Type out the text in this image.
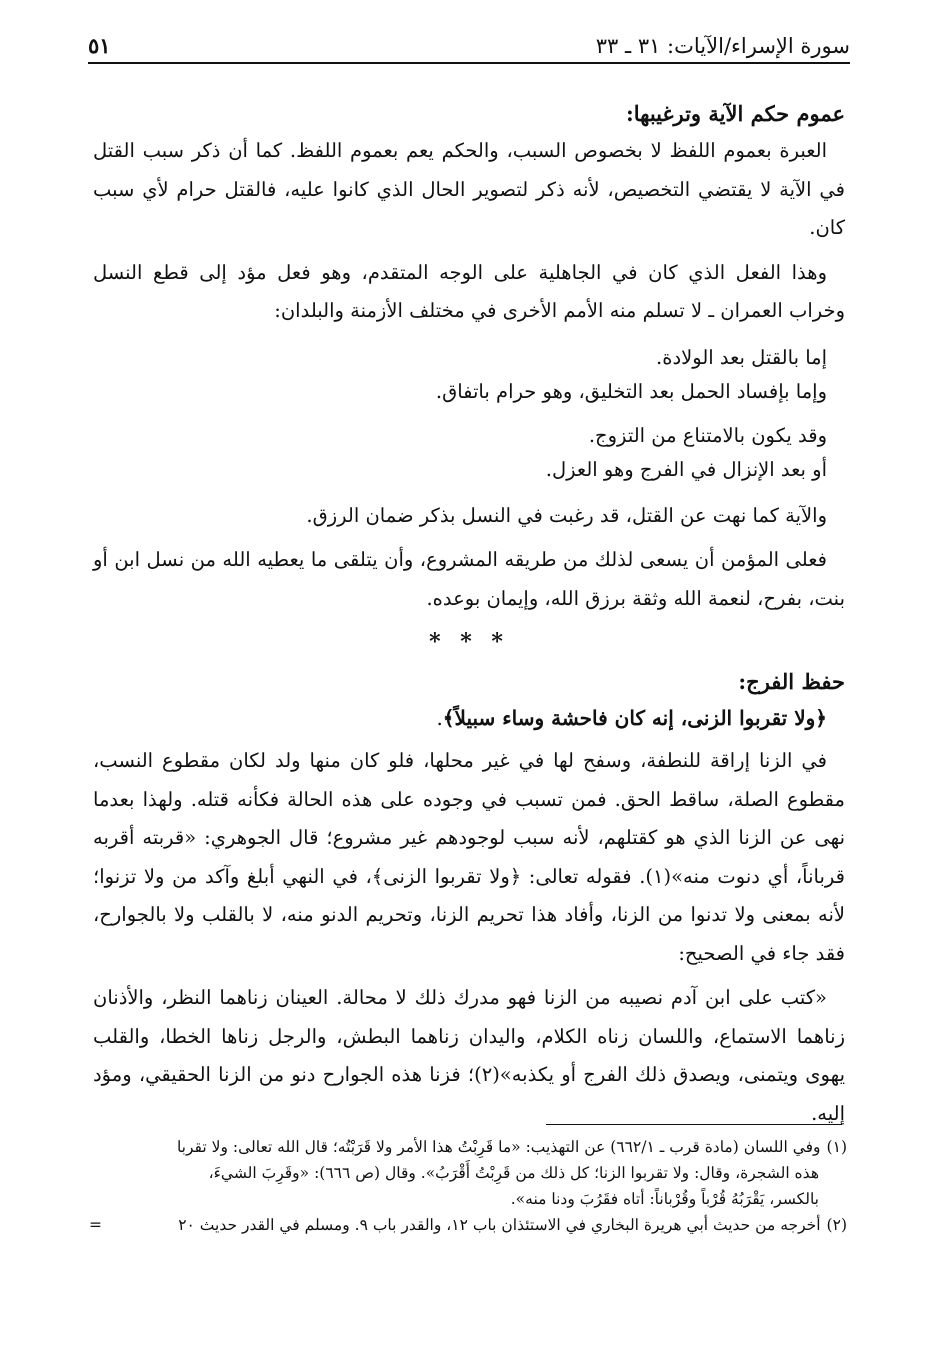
سورة الإسراء/الآيات: ٣١ ـ ٣٣
٥١

عموم حكم الآية وترغيبها:

العبرة بعموم اللفظ لا بخصوص السبب، والحكم يعم بعموم اللفظ. كما أن ذكر سبب القتل في الآية لا يقتضي التخصيص، لأنه ذكر لتصوير الحال الذي كانوا عليه، فالقتل حرام لأي سبب كان.

وهذا الفعل الذي كان في الجاهلية على الوجه المتقدم، وهو فعل مؤد إلى قطع النسل وخراب العمران ـ لا تسلم منه الأمم الأخرى في مختلف الأزمنة والبلدان:

إما بالقتل بعد الولادة.

وإما بإفساد الحمل بعد التخليق، وهو حرام باتفاق.

وقد يكون بالامتناع من التزوج.

أو بعد الإنزال في الفرج وهو العزل.

والآية كما نهت عن القتل، قد رغبت في النسل بذكر ضمان الرزق.

فعلى المؤمن أن يسعى لذلك من طريقه المشروع، وأن يتلقى ما يعطيه الله من نسل ابن أو بنت، بفرح، لنعمة الله وثقة برزق الله، وإيمان بوعده.

* * *

حفظ الفرج:

﴿ولا تقربوا الزنى، إنه كان فاحشة وساء سبيلاً﴾.

في الزنا إراقة للنطفة، وسفح لها في غير محلها، فلو كان منها ولد لكان مقطوع النسب، مقطوع الصلة، ساقط الحق. فمن تسبب في وجوده على هذه الحالة فكأنه قتله. ولهذا بعدما نهى عن الزنا الذي هو كقتلهم، لأنه سبب لوجودهم غير مشروع؛ قال الجوهري: «قربته أقربه قرباناً، أي دنوت منه»(١). فقوله تعالى: ﴿ولا تقربوا الزنى﴾، في النهي أبلغ وآكد من ولا تزنوا؛ لأنه بمعنى ولا تدنوا من الزنا، وأفاد هذا تحريم الزنا، وتحريم الدنو منه، لا بالقلب ولا بالجوارح، فقد جاء في الصحيح:

«كتب على ابن آدم نصيبه من الزنا فهو مدرك ذلك لا محالة. العينان زناهما النظر، والأذنان زناهما الاستماع، واللسان زناه الكلام، واليدان زناهما البطش، والرجل زناها الخطا، والقلب يهوى ويتمنى، ويصدق ذلك الفرج أو يكذبه»(٢)؛ فزنا هذه الجوارح دنو من الزنا الحقيقي، ومؤد إليه.

(١)وفي اللسان (مادة قرب ـ ٦٦٢/١) عن التهذيب: «ما قَرِبْتُ هذا الأمر ولا قَرَبْتُه؛ قال الله تعالى: ولا تقربا

هذه الشجرة، وقال: ولا تقربوا الزنا؛ كل ذلك من قَرِبْتُ أَقْرَبُ». وقال (ص ٦٦٦): «وقَرِبَ الشيءَ،

بالكسر، يَقْرَبُهُ قُرْباً وقُرْباناً: أتاه فقَرُبَ ودنا منه».

(٢)أخرجه من حديث أبي هريرة البخاري في الاستئذان باب ١٢، والقدر باب ٩. ومسلم في القدر حديث ٢٠
=
